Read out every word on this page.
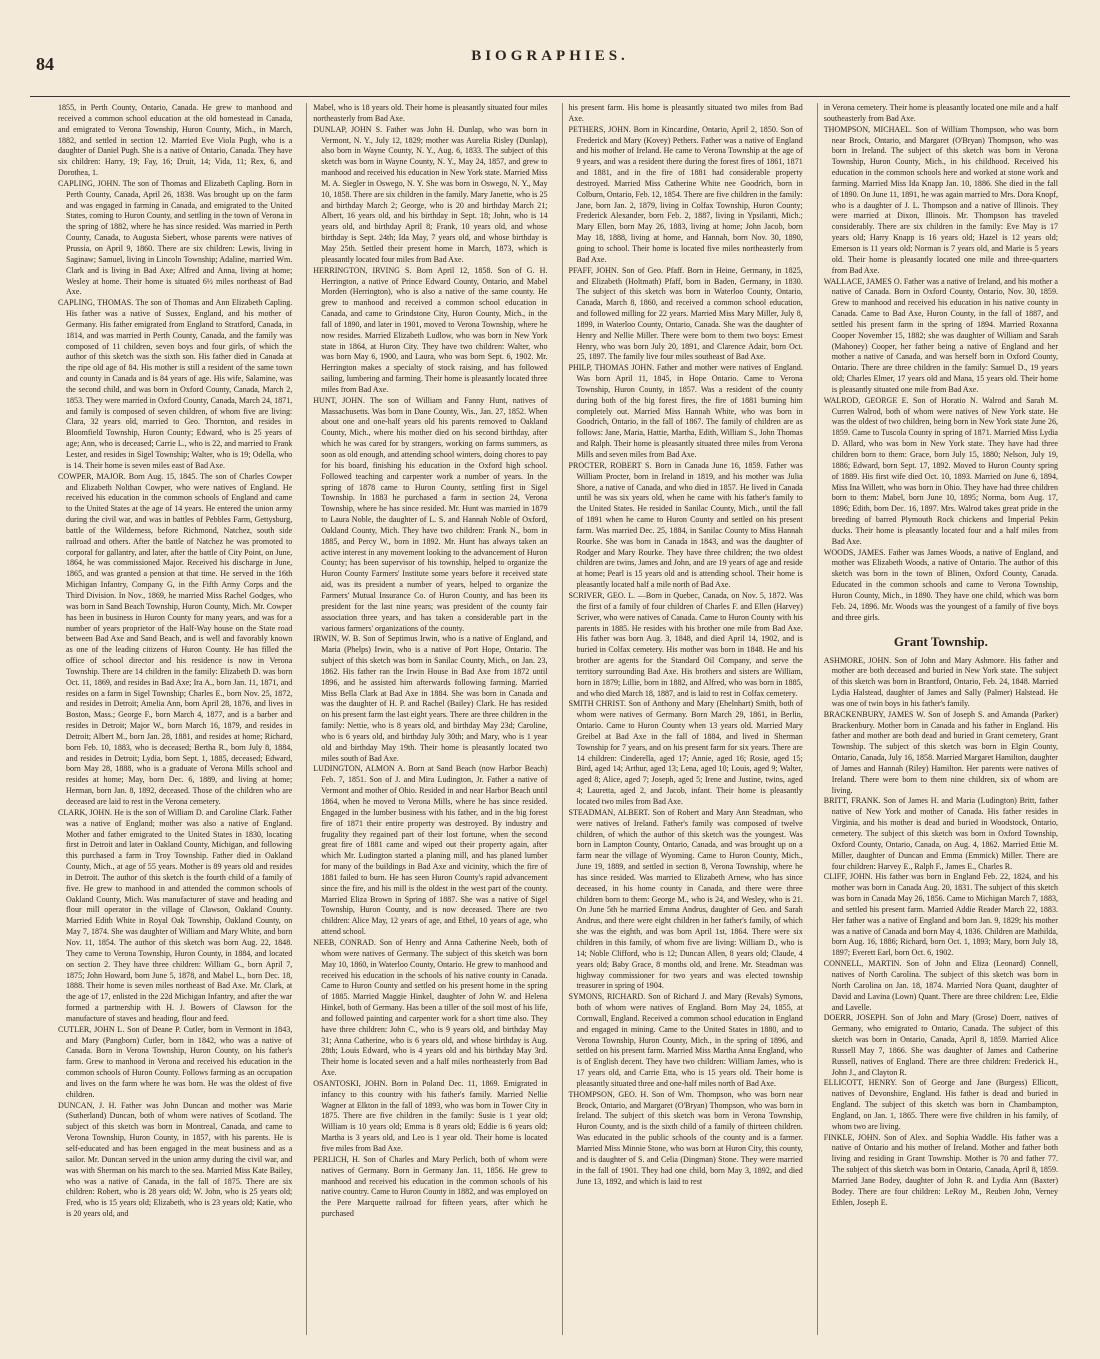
84	BIOGRAPHIES.

1855, in Perth County, Ontario, Canada. He grew to manhood and received a common school education at the old homestead in Canada, and emigrated to Verona Township, Huron County, Mich., in March, 1882, and settled in section 12. Married Eve Viola Pugh, who is a daughter of Daniel Pugh. She is a native of Ontario, Canada. They have six children: Harry, 19; Fay, 16; Druit, 14; Vida, 11; Rex, 6, and Dorothea, 1.

CAPLING, JOHN. The son of Thomas and Elizabeth Capling. Born in Perth County, Canada, April 26, 1838. Was brought up on the farm and was engaged in farming in Canada, and emigrated to the United States, coming to Huron County, and settling in the town of Verona in the spring of 1882, where he has since resided. Was married in Perth County, Canada, to Augusta Siebert, whose parents were natives of Prussia, on April 9, 1860. There are six children: Lewis, living in Saginaw; Samuel, living in Lincoln Township; Adaline, married Wm. Clark and is living in Bad Axe; Alfred and Anna, living at home; Wesley at home. Their home is situated 6½ miles northeast of Bad Axe.

CAPLING, THOMAS. The son of Thomas and Ann Elizabeth Capling. His father was a native of Sussex, England, and his mother of Germany. His father emigrated from England to Stratford, Canada, in 1814, and was married in Perth County, Canada, and the family was composed of 11 children, seven boys and four girls, of which the author of this sketch was the sixth son. His father died in Canada at the ripe old age of 84. His mother is still a resident of the same town and county in Canada and is 84 years of age. His wife, Salamine, was the second child, and was born in Oxford County, Canada, March 2, 1853. They were married in Oxford County, Canada, March 24, 1871, and family is composed of seven children, of whom five are living: Clara, 32 years old, married to Geo. Thornton, and resides in Bloomfield Township, Huron County; Edward, who is 25 years of age; Ann, who is deceased; Carrie L., who is 22, and married to Frank Lester, and resides in Sigel Township; Walter, who is 19; Odella, who is 14. Their home is seven miles east of Bad Axe.

COWPER, MAJOR. Born Aug. 15, 1845. The son of Charles Cowper and Elizabeth Nolthan Cowper, who were natives of England. He received his education in the common schools of England and came to the United States at the age of 14 years. He entered the union army during the civil war, and was in battles of Pebbles Farm, Gettysburg, battle of the Wilderness, before Richmond, Natchez, south side railroad and others. After the battle of Natchez he was promoted to corporal for gallantry, and later, after the battle of City Point, on June, 1864, he was commissioned Major. Received his discharge in June, 1865, and was granted a pension at that time. He served in the 16th Michigan Infantry, Company G, in the Fifth Army Corps and the Third Division. In Nov., 1869, he married Miss Rachel Godges, who was born in Sand Beach Township, Huron County, Mich. Mr. Cowper has been in business in Huron County for many years, and was for a number of years proprietor of the Half-Way house on the State road between Bad Axe and Sand Beach, and is well and favorably known as one of the leading citizens of Huron County. He has filled the office of school director and his residence is now in Verona Township. There are 14 children in the family: Elizabeth D. was born Oct. 11, 1869, and resides in Bad Axe; Ira A., born Jan. 11, 1871, and resides on a farm in Sigel Township; Charles E., born Nov. 25, 1872, and resides in Detroit; Amelia Ann, born April 28, 1876, and lives in Boston, Mass.; George F., born March 4, 1877, and is a barber and resides in Detroit; Major W., born March 16, 1879, and resides in Detroit; Albert M., born Jan. 28, 1881, and resides at home; Richard, born Feb. 10, 1883, who is deceased; Bertha R., born July 8, 1884, and resides in Detroit; Lydia, born Sept. 1, 1885, deceased; Edward, born May 28, 1888, who is a graduate of Verona Mills school and resides at home; May, born Dec. 6, 1889, and living at home; Herman, born Jan. 8, 1892, deceased. Those of the children who are deceased are laid to rest in the Verona cemetery.

CLARK, JOHN. He is the son of William D. and Caroline Clark. Father was a native of England; mother was also a native of England. Mother and father emigrated to the United States in 1830, locating first in Detroit and later in Oakland County, Michigan, and following this purchased a farm in Troy Township. Father died in Oakland County, Mich., at age of 55 years. Mother is 89 years old and resides in Detroit. The author of this sketch is the fourth child of a family of five. He grew to manhood in and attended the common schools of Oakland County, Mich. Was manufacturer of stave and heading and flour mill operator in the village of Clawson, Oakland County. Married Edith White in Royal Oak Township, Oakland County, on May 7, 1874. She was daughter of William and Mary White, and born Nov. 11, 1854. The author of this sketch was born Aug. 22, 1848. They came to Verona Township, Huron County, in 1884, and located on section 2. They have three children: William G., born April 7, 1875; John Howard, born June 5, 1878, and Mabel L., born Dec. 18, 1888. Their home is seven miles northeast of Bad Axe. Mr. Clark, at the age of 17, enlisted in the 22d Michigan Infantry, and after the war formed a partnership with H. J. Bowers of Clawson for the manufacture of staves and heading, flour and feed.

CUTLER, JOHN L. Son of Deane P. Cutler, born in Vermont in 1843, and Mary (Pangborn) Cutler, born in 1842, who was a native of Canada. Born in Verona Township, Huron County, on his father's farm. Grew to manhood in Verona and received his education in the common schools of Huron County. Follows farming as an occupation and lives on the farm where he was born. He was the oldest of five children.

DUNCAN, J. H. Father was John Duncan and mother was Marie (Sutherland) Duncan, both of whom were natives of Scotland. The subject of this sketch was born in Montreal, Canada, and came to Verona Township, Huron County, in 1857, with his parents. He is self-educated and has been engaged in the meat business and as a sailor. Mr. Duncan served in the union army during the civil war, and was with Sherman on his march to the sea. Married Miss Kate Bailey, who was a native of Canada, in the fall of 1875. There are six children: Robert, who is 28 years old; W. John, who is 25 years old; Fred, who is 15 years old; Elizabeth, who is 23 years old; Katie, who is 20 years old, and

Mabel, who is 18 years old. Their home is pleasantly situated four miles northeasterly from Bad Axe.

DUNLAP, JOHN S. Father was John H. Dunlap, who was born in Vermont, N. Y., July 12, 1829; mother was Aurelia Risley (Dunlap), also born in Wayne County, N. Y., Aug. 6, 1833. The subject of this sketch was born in Wayne County, N. Y., May 24, 1857, and grew to manhood and received his education in New York state. Married Miss M. A. Siegler in Oswego, N. Y. She was born in Oswego, N. Y., May 10, 1858. There are six children in the family. Mary Janette, who is 25 and birthday March 2; George, who is 20 and birthday March 21; Albert, 16 years old, and his birthday in Sept. 18; John, who is 14 years old, and birthday April 8; Frank, 10 years old, and whose birthday is Sept. 24th; Ida May, 7 years old, and whose birthday is May 25th. Settled their present home in March, 1873, which is pleasantly located four miles from Bad Axe.

HERRINGTON, IRVING S. Born April 12, 1858. Son of G. H. Herrington, a native of Prince Edward County, Ontario, and Mabel Morden (Herrington), who is also a native of the same county. He grew to manhood and received a common school education in Canada, and came to Grindstone City, Huron County, Mich., in the fall of 1890, and later in 1901, moved to Verona Township, where he now resides. Married Elizabeth Ludlow, who was born in New York state in 1864, at Huron City. They have two children: Walter, who was born May 6, 1900, and Laura, who was born Sept. 6, 1902. Mr. Herrington makes a specialty of stock raising, and has followed sailing, lumbering and farming. Their home is pleasantly located three miles from Bad Axe.

HUNT, JOHN. The son of William and Fanny Hunt, natives of Massachusetts. Was born in Dane County, Wis., Jan. 27, 1852. When about one and one-half years old his parents removed to Oakland County, Mich., where his mother died on his second birthday, after which he was cared for by strangers, working on farms summers, as soon as old enough, and attending school winters, doing chores to pay for his board, finishing his education in the Oxford high school. Followed teaching and carpenter work a number of years. In the spring of 1878 came to Huron County, settling first in Sigel Township. In 1883 he purchased a farm in section 24, Verona Township, where he has since resided. Mr. Hunt was married in 1879 to Laura Noble, the daughter of L. S. and Hannah Noble of Oxford, Oakland County, Mich. They have two children: Frank N., born in 1885, and Percy W., born in 1892. Mr. Hunt has always taken an active interest in any movement looking to the advancement of Huron County; has been supervisor of his township, helped to organize the Huron County Farmers' Institute some years before it received state aid, was its president a number of years, helped to organize the Farmers' Mutual Insurance Co. of Huron County, and has been its president for the last nine years; was president of the county fair association three years, and has taken a considerable part in the various farmers' organizations of the county.

IRWIN, W. B. Son of Septimus Irwin, who is a native of England, and Maria (Phelps) Irwin, who is a native of Port Hope, Ontario. The subject of this sketch was born in Sanilac County, Mich., on Jan. 23, 1862. His father ran the Irwin House in Bad Axe from 1872 until 1896, and he assisted him afterwards following farming. Married Miss Bella Clark at Bad Axe in 1884. She was born in Canada and was the daughter of H. P. and Rachel (Bailey) Clark. He has resided on his present farm the last eight years. There are three children in the family: Nettie, who is 8 years old, and birthday May 23d; Caroline, who is 6 years old, and birthday July 30th; and Mary, who is 1 year old and birthday May 19th. Their home is pleasantly located two miles south of Bad Axe.

LUDINGTON, ALMON A. Born at Sand Beach (now Harbor Beach) Feb. 7, 1851. Son of J. and Mira Ludington, Jr. Father a native of Vermont and mother of Ohio. Resided in and near Harbor Beach until 1864, when he moved to Verona Mills, where he has since resided. Engaged in the lumber business with his father, and in the big forest fire of 1871 their entire property was destroyed. By industry and frugality they regained part of their lost fortune, when the second great fire of 1881 came and wiped out their property again, after which Mr. Ludington started a planing mill, and has planed lumber for many of the buildings in Bad Axe and vicinity, which the fire of 1881 failed to burn. He has seen Huron County's rapid advancement since the fire, and his mill is the oldest in the west part of the county. Married Eliza Brown in Spring of 1887. She was a native of Sigel Township, Huron County, and is now deceased. There are two children: Alice May, 12 years of age, and Ethel, 10 years of age, who attend school.

NEEB, CONRAD. Son of Henry and Anna Catherine Neeb, both of whom were natives of Germany. The subject of this sketch was born May 10, 1860, in Waterloo County, Ontario. He grew to manhood and received his education in the schools of his native county in Canada. Came to Huron County and settled on his present home in the spring of 1885. Married Maggie Hinkel, daughter of John W. and Helena Hinkel, both of Germany. Has been a tiller of the soil most of his life, and followed painting and carpenter work for a short time also. They have three children: John C., who is 9 years old, and birthday May 31; Anna Catherine, who is 6 years old, and whose birthday is Aug. 28th; Louis Edward, who is 4 years old and his birthday May 3rd. Their home is located seven and a half miles northeasterly from Bad Axe.

OSANTOSKI, JOHN. Born in Poland Dec. 11, 1869. Emigrated in infancy to this country with his father's family. Married Nellie Wagner at Elkton in the fall of 1893, who was born in Tower City in 1875. There are five children in the family: Susie is 1 year old; William is 10 years old; Emma is 8 years old; Eddie is 6 years old; Martha is 3 years old, and Leo is 1 year old. Their home is located five miles from Bad Axe.

PERLICH, H. Son of Charles and Mary Perlich, both of whom were natives of Germany. Born in Germany Jan. 11, 1856. He grew to manhood and received his education in the common schools of his native country. Came to Huron County in 1882, and was employed on the Pere Marquette railroad for fifteen years, after which he purchased

his present farm. His home is pleasantly situated two miles from Bad Axe.

PETHERS, JOHN. Born in Kincardine, Ontario, April 2, 1850. Son of Frederick and Mary (Kovey) Pethers. Father was a native of England and his mother of Ireland. He came to Verona Township at the age of 9 years, and was a resident there during the forest fires of 1861, 1871 and 1881, and in the fire of 1881 had considerable property destroyed. Married Miss Catherine White nee Goodrich, born in Colburn, Ontario, Feb. 12, 1854. There are five children in the family: Jane, born Jan. 2, 1879, living in Colfax Township, Huron County; Frederick Alexander, born Feb. 2, 1887, living in Ypsilanti, Mich.; Mary Ellen, born May 26, 1883, living at home; John Jacob, born May 18, 1888, living at home, and Hannah, born Nov. 30, 1890, going to school. Their home is located five miles northeasterly from Bad Axe.

PFAFF, JOHN. Son of Geo. Pfaff. Born in Heine, Germany, in 1825, and Elizabeth (Holtmath) Pfaff, born in Baden, Germany, in 1830. The subject of this sketch was born in Waterloo County, Ontario, Canada, March 8, 1860, and received a common school education, and followed milling for 22 years. Married Miss Mary Miller, July 8, 1899, in Waterloo County, Ontario, Canada. She was the daughter of Henry and Nellie Miller. There were born to them two boys: Ernest Henry, who was born July 20, 1891, and Clarence Adair, born Oct. 25, 1897. The family live four miles southeast of Bad Axe.

PHILP, THOMAS JOHN. Father and mother were natives of England. Was born April 11, 1845, in Hope Ontario. Came to Verona Township, Huron County, in 1857. Was a resident of the county during both of the big forest fires, the fire of 1881 burning him completely out. Married Miss Hannah White, who was born in Goodrich, Ontario, in the fall of 1867. The family of children are as follows: Jane, Maria, Hattie, Martha, Edith, William S., John Thomas and Ralph. Their home is pleasantly situated three miles from Verona Mills and seven miles from Bad Axe.

PROCTER, ROBERT S. Born in Canada June 16, 1859. Father was William Procter, born in Ireland in 1819, and his mother was Julia Shore, a native of Canada, and who died in 1857. He lived in Canada until he was six years old, when he came with his father's family to the United States. He resided in Sanilac County, Mich., until the fall of 1891 when he came to Huron County and settled on his present farm. Was married Dec. 25, 1884, in Sanilac County to Miss Hannah Rourke. She was born in Canada in 1843, and was the daughter of Rodger and Mary Rourke. They have three children; the two oldest children are twins, James and John, and are 19 years of age and reside at home; Pearl is 15 years old and is attending school. Their home is pleasantly located half a mile north of Bad Axe.

SCRIVER, GEO. L. —Born in Quebec, Canada, on Nov. 5, 1872. Was the first of a family of four children of Charles F. and Ellen (Harvey) Scriver, who were natives of Canada. Came to Huron County with his parents in 1885. He resides with his brother one mile from Bad Axe. His father was born Aug. 3, 1848, and died April 14, 1902, and is buried in Colfax cemetery. His mother was born in 1848. He and his brother are agents for the Standard Oil Company, and serve the territory surrounding Bad Axe. His brothers and sisters are William, born in 1879; Lillie, born in 1882, and Alfred, who was born in 1885, and who died March 18, 1887, and is laid to rest in Colfax cemetery.

SMITH CHRIST. Son of Anthony and Mary (Ehelnhart) Smith, both of whom were natives of Germany. Born March 29, 1861, in Berlin, Ontario. Came to Huron County when 13 years old. Married Mary Greibel at Bad Axe in the fall of 1884, and lived in Sherman Township for 7 years, and on his present farm for six years. There are 14 children: Cinderella, aged 17; Annie, aged 16; Rosie, aged 15; Bird, aged 14; Arthur, aged 13; Lena, aged 10; Louis, aged 9; Walter, aged 8; Alice, aged 7; Joseph, aged 5; Irene and Justine, twins, aged 4; Lauretta, aged 2, and Jacob, infant. Their home is pleasantly located two miles from Bad Axe.

STEADMAN, ALBERT. Son of Robert and Mary Ann Steadman, who were natives of Ireland. Father's family was composed of twelve children, of which the author of this sketch was the youngest. Was born in Lampton County, Ontario, Canada, and was brought up on a farm near the village of Wyoming. Came to Huron County, Mich., June 19, 1889, and settled in section 8, Verona Township, where he has since resided. Was married to Elizabeth Arnew, who has since deceased, in his home county in Canada, and there were three children born to them: George M., who is 24, and Wesley, who is 21. On June 5th he married Emma Andrus, daughter of Geo. and Sarah Andrus, and there were eight children in her father's family, of which she was the eighth, and was born April 1st, 1864. There were six children in this family, of whom five are living: William D., who is 14; Noble Clifford, who is 12; Duncan Allen, 8 years old; Claude, 4 years old; Baby Grace, 8 months old, and Irene. Mr. Steadman was highway commissioner for two years and was elected township treasurer in spring of 1904.

SYMONS, RICHARD. Son of Richard J. and Mary (Revals) Symons, both of whom were natives of England. Born May 24, 1855, at Cornwall, England. Received a common school education in England and engaged in mining. Came to the United States in 1880, and to Verona Township, Huron County, Mich., in the spring of 1896, and settled on his present farm. Married Miss Martha Anna England, who is of English decent. They have two children: William James, who is 17 years old, and Carrie Etta, who is 15 years old. Their home is pleasantly situated three and one-half miles north of Bad Axe.

THOMPSON, GEO. H. Son of Wm. Thompson, who was born near Brock, Ontario, and Margaret (O'Bryan) Thompson, who was born in Ireland. The subject of this sketch was born in Verona Township, Huron County, and is the sixth child of a family of thirteen children. Was educated in the public schools of the county and is a farmer. Married Miss Minnie Stone, who was born at Huron City, this county, and is daughter of S. and Celia (Dingman) Stone. They were married in the fall of 1901. They had one child, born May 3, 1892, and died June 13, 1892, and which is laid to rest

in Verona cemetery. Their home is pleasantly located one mile and a half southeasterly from Bad Axe.

THOMPSON, MICHAEL. Son of William Thompson, who was born near Brock, Ontario, and Margaret (O'Bryan) Thompson, who was born in Ireland. The subject of this sketch was born in Verona Township, Huron County, Mich., in his childhood. Received his education in the common schools here and worked at stone work and farming. Married Miss Ida Knapp Jan. 10, 1886. She died in the fall of 1890. On June 11, 1891, he was again married to Mrs. Dora Knopf, who is a daughter of J. L. Thompson and a native of Illinois. They were married at Dixon, Illinois. Mr. Thompson has traveled considerably. There are six children in the family: Eve May is 17 years old; Harry Knapp is 16 years old; Hazel is 12 years old; Emerson is 11 years old; Norman is 7 years old, and Marie is 5 years old. Their home is pleasantly located one mile and three-quarters from Bad Axe.

WALLACE, JAMES O. Father was a native of Ireland, and his mother a native of Canada. Born in Oxford County, Ontario, Nov. 30, 1859. Grew to manhood and received his education in his native county in Canada. Came to Bad Axe, Huron County, in the fall of 1887, and settled his present farm in the spring of 1894. Married Roxanna Cooper November 15, 1882; she was daughter of William and Sarah (Mahoney) Cooper, her father being a native of England and her mother a native of Canada, and was herself born in Oxford County, Ontario. There are three children in the family: Samuel D., 19 years old; Charles Elmer, 17 years old and Mana, 15 years old. Their home is pleasantly situated one mile from Bad Axe.

WALROD, GEORGE E. Son of Horatio N. Walrod and Sarah M. Curren Walrod, both of whom were natives of New York state. He was the oldest of two children, being born in New York state June 26, 1859. Came to Tuscola County in spring of 1871. Married Miss Lydia D. Allard, who was born in New York state. They have had three children born to them: Grace, born July 15, 1880; Nelson, July 19, 1886; Edward, born Sept. 17, 1892. Moved to Huron County spring of 1889. His first wife died Oct. 10, 1893. Married on June 6, 1894, Miss Ina Willett, who was born in Ohio. They have had three children born to them: Mabel, born June 10, 1895; Norma, born Aug. 17, 1896; Edith, born Dec. 16, 1897. Mrs. Walrod takes great pride in the breeding of barred Plymouth Rock chickens and Imperial Pekin ducks. Their home is pleasantly located four and a half miles from Bad Axe.

WOODS, JAMES. Father was James Woods, a native of England, and mother was Elizabeth Woods, a native of Ontario. The author of this sketch was born in the town of Blinen, Oxford County, Canada. Educated in the common schools and came to Verona Township, Huron County, Mich., in 1890. They have one child, which was born Feb. 24, 1896. Mr. Woods was the youngest of a family of five boys and three girls.

Grant Township.

ASHMORE, JOHN. Son of John and Mary Ashmore. His father and mother are both deceased and buried in New York state. The subject of this sketch was born in Brantford, Ontario, Feb. 24, 1848. Married Lydia Halstead, daughter of James and Sally (Palmer) Halstead. He was one of twin boys in his father's family.

BRACKENBURY, JAMES W. Son of Joseph S. and Amanda (Parker) Brackenbury. Mother born in Canada and his father in England. His father and mother are both dead and buried in Grant cemetery, Grant Township. The subject of this sketch was born in Elgin County, Ontario, Canada, July 16, 1858. Married Margaret Hamilton, daughter of James and Hannah (Riley) Hamilton. Her parents were natives of Ireland. There were born to them nine children, six of whom are living.

BRITT, FRANK. Son of James H. and Maria (Ludington) Britt, father native of New York and mother of Canada. His father resides in Virginia, and his mother is dead and buried in Woodstock, Ontario, cemetery. The subject of this sketch was born in Oxford Township, Oxford County, Ontario, Canada, on Aug. 4, 1862. Married Ettie M. Miller, daughter of Duncan and Emma (Emmick) Miller. There are four children: Harvey E., Ralph F., James E., Charles R.

CLIFF, JOHN. His father was born in England Feb. 22, 1824, and his mother was born in Canada Aug. 20, 1831. The subject of this sketch was born in Canada May 26, 1856. Came to Michigan March 7, 1883, and settled his present farm. Married Addie Reader March 22, 1883. Her father was a native of England and born Jan. 9, 1829; his mother was a native of Canada and born May 4, 1836. Children are Mathilda, born Aug. 16, 1886; Richard, born Oct. 1, 1893; Mary, born July 18, 1897; Everett Earl, born Oct. 6, 1902.

CONNELL, MARTIN. Son of John and Eliza (Leonard) Connell, natives of North Carolina. The subject of this sketch was born in North Carolina on Jan. 18, 1874. Married Nora Quant, daughter of David and Lavina (Lown) Quant. There are three children: Lee, Eldie and Lavelle.

DOERR, JOSEPH. Son of John and Mary (Grose) Doerr, natives of Germany, who emigrated to Ontario, Canada. The subject of this sketch was born in Ontario, Canada, April 8, 1859. Married Alice Russell May 7, 1866. She was daughter of James and Catherine Russell, natives of England. There are three children: Frederick H., John J., and Clayton R.

ELLICOTT, HENRY. Son of George and Jane (Burgess) Ellicott, natives of Devonshire, England. His father is dead and buried in England. The subject of this sketch was born in Chambampton, England, on Jan. 1, 1865. There were five children in his family, of whom two are living.

FINKLE, JOHN. Son of Alex. and Sophia Waddle. His father was a native of Ontario and his mother of Ireland. Mother and father both living and residing in Grant Township. Mother is 70 and father 77. The subject of this sketch was born in Ontario, Canada, April 8, 1859. Married Jane Bodey, daughter of John R. and Lydia Ann (Baxter) Bodey. There are four children: LeRoy M., Reuben John, Verney Ethlen, Joseph E.
